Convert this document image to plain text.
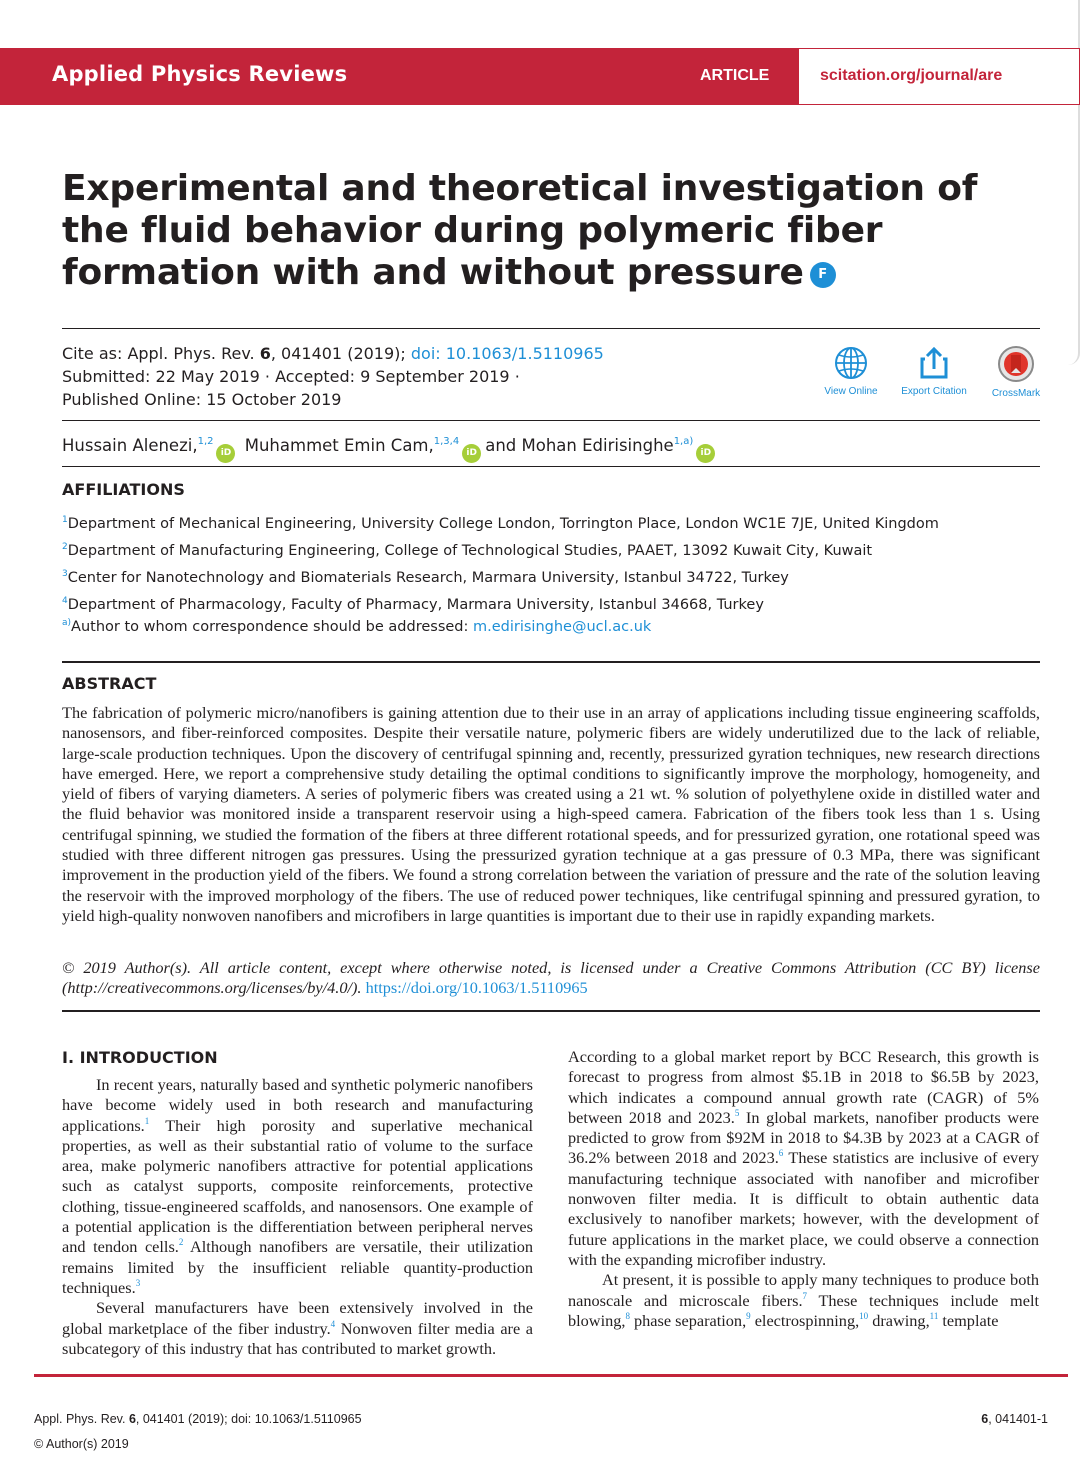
Applied Physics Reviews	ARTICLE	scitation.org/journal/are
Experimental and theoretical investigation of the fluid behavior during polymeric fiber formation with and without pressure F
Cite as: Appl. Phys. Rev. 6, 041401 (2019); doi: 10.1063/1.5110965
Submitted: 22 May 2019 · Accepted: 9 September 2019 ·
Published Online: 15 October 2019	View Online	Export Citation	CrossMark
Hussain Alenezi,$^{1,2}$iD Muhammet Emin Cam,$^{1,3,4}$iD and Mohan Edirisinghe$^{1,a)}$iD
AFFILIATIONS
$^1$Department of Mechanical Engineering, University College London, Torrington Place, London WC1E 7JE, United Kingdom
$^2$Department of Manufacturing Engineering, College of Technological Studies, PAAET, 13092 Kuwait City, Kuwait
$^3$Center for Nanotechnology and Biomaterials Research, Marmara University, Istanbul 34722, Turkey
$^4$Department of Pharmacology, Faculty of Pharmacy, Marmara University, Istanbul 34668, Turkey
$^{a)}$Author to whom correspondence should be addressed: m.edirisinghe@ucl.ac.uk
ABSTRACT

The fabrication of polymeric micro/nanofibers is gaining attention due to their use in an array of applications including tissue engineering scaffolds, nanosensors, and fiber-reinforced composites. Despite their versatile nature, polymeric fibers are widely underutilized due to the lack of reliable, large-scale production techniques. Upon the discovery of centrifugal spinning and, recently, pressurized gyration techniques, new research directions have emerged. Here, we report a comprehensive study detailing the optimal conditions to significantly improve the morphology, homogeneity, and yield of fibers of varying diameters. A series of polymeric fibers was created using a 21 wt. % solution of polyethylene oxide in distilled water and the fluid behavior was monitored inside a transparent reservoir using a high-speed camera. Fabrication of the fibers took less than 1 s. Using centrifugal spinning, we studied the formation of the fibers at three different rotational speeds, and for pressurized gyration, one rotational speed was studied with three different nitrogen gas pressures. Using the pressurized gyration technique at a gas pressure of 0.3 MPa, there was significant improvement in the production yield of the fibers. We found a strong correlation between the variation of pressure and the rate of the solution leaving the reservoir with the improved morphology of the fibers. The use of reduced power techniques, like centrifugal spinning and pressured gyration, to yield high-quality nonwoven nanofibers and microfibers in large quantities is important due to their use in rapidly expanding markets.

© 2019 Author(s). All article content, except where otherwise noted, is licensed under a Creative Commons Attribution (CC BY) license (http://creativecommons.org/licenses/by/4.0/). https://doi.org/10.1063/1.5110965

I. INTRODUCTION

In recent years, naturally based and synthetic polymeric nanofibers have become widely used in both research and manufacturing applications.$^1$ Their high porosity and superlative mechanical properties, as well as their substantial ratio of volume to the surface area, make polymeric nanofibers attractive for potential applications such as catalyst supports, composite reinforcements, protective clothing, tissue-engineered scaffolds, and nanosensors. One example of a potential application is the differentiation between peripheral nerves and tendon cells.$^2$ Although nanofibers are versatile, their utilization remains limited by the insufficient reliable quantity-production techniques.$^3$

Several manufacturers have been extensively involved in the global marketplace of the fiber industry.$^4$ Nonwoven filter media are a subcategory of this industry that has contributed to market growth.

According to a global market report by BCC Research, this growth is forecast to progress from almost $5.1B in 2018 to $6.5B by 2023, which indicates a compound annual growth rate (CAGR) of 5% between 2018 and 2023.$^5$ In global markets, nanofiber products were predicted to grow from $92M in 2018 to $4.3B by 2023 at a CAGR of 36.2% between 2018 and 2023.$^6$ These statistics are inclusive of every manufacturing technique associated with nanofiber and microfiber nonwoven filter media. It is difficult to obtain authentic data exclusively to nanofiber markets; however, with the development of future applications in the market place, we could observe a connection with the expanding microfiber industry.

At present, it is possible to apply many techniques to produce both nanoscale and microscale fibers.$^7$ These techniques include melt blowing,$^8$ phase separation,$^9$ electrospinning,$^{10}$ drawing,$^{11}$ template

Appl. Phys. Rev. 6, 041401 (2019); doi: 10.1063/1.5110965
© Author(s) 2019
6, 041401-1
